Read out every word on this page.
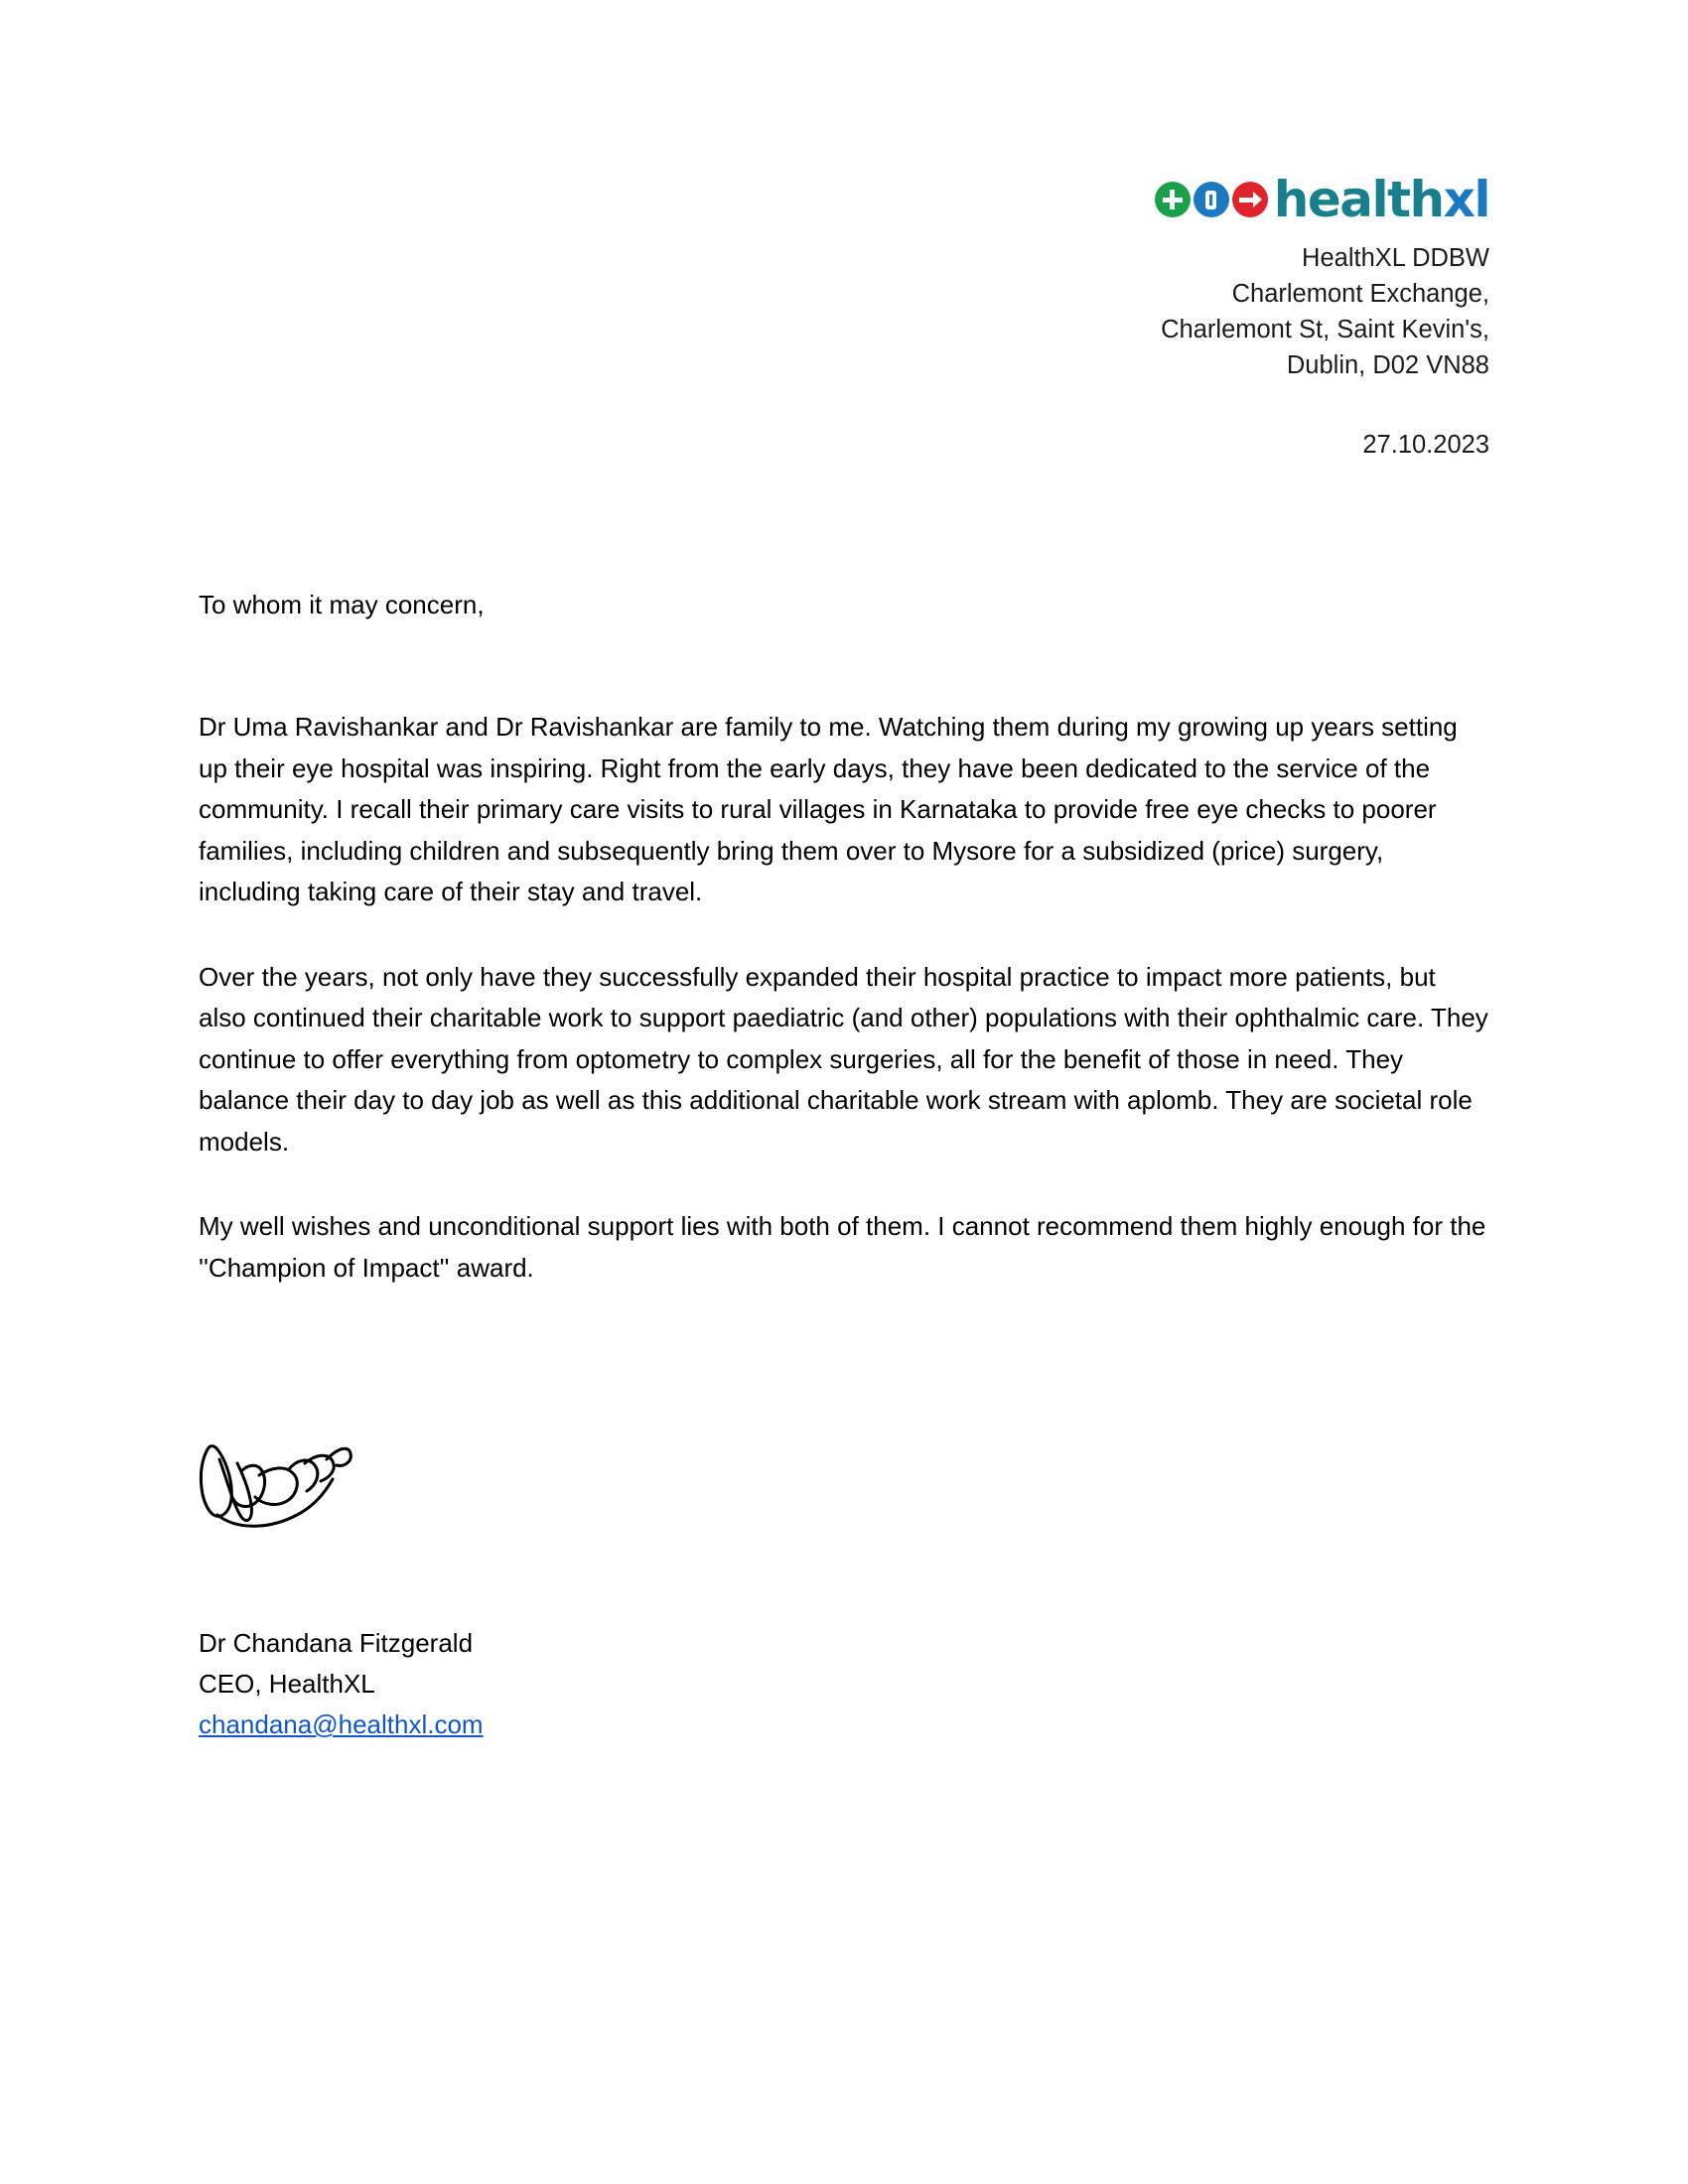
healthxl
HealthXL DDBW
Charlemont Exchange,
Charlemont St, Saint Kevin's,
Dublin, D02 VN88
27.10.2023
To whom it may concern,

Dr Uma Ravishankar and Dr Ravishankar are family to me. Watching them during my growing up years setting up their eye hospital was inspiring. Right from the early days, they have been dedicated to the service of the community. I recall their primary care visits to rural villages in Karnataka to provide free eye checks to poorer families, including children and subsequently bring them over to Mysore for a subsidized (price) surgery, including taking care of their stay and travel.

Over the years, not only have they successfully expanded their hospital practice to impact more patients, but also continued their charitable work to support paediatric (and other) populations with their ophthalmic care. They continue to offer everything from optometry to complex surgeries, all for the benefit of those in need. They balance their day to day job as well as this additional charitable work stream with aplomb. They are societal role models.

My well wishes and unconditional support lies with both of them. I cannot recommend them highly enough for the ''Champion of Impact'' award.

Dr Chandana Fitzgerald
CEO, HealthXL
chandana@healthxl.com
